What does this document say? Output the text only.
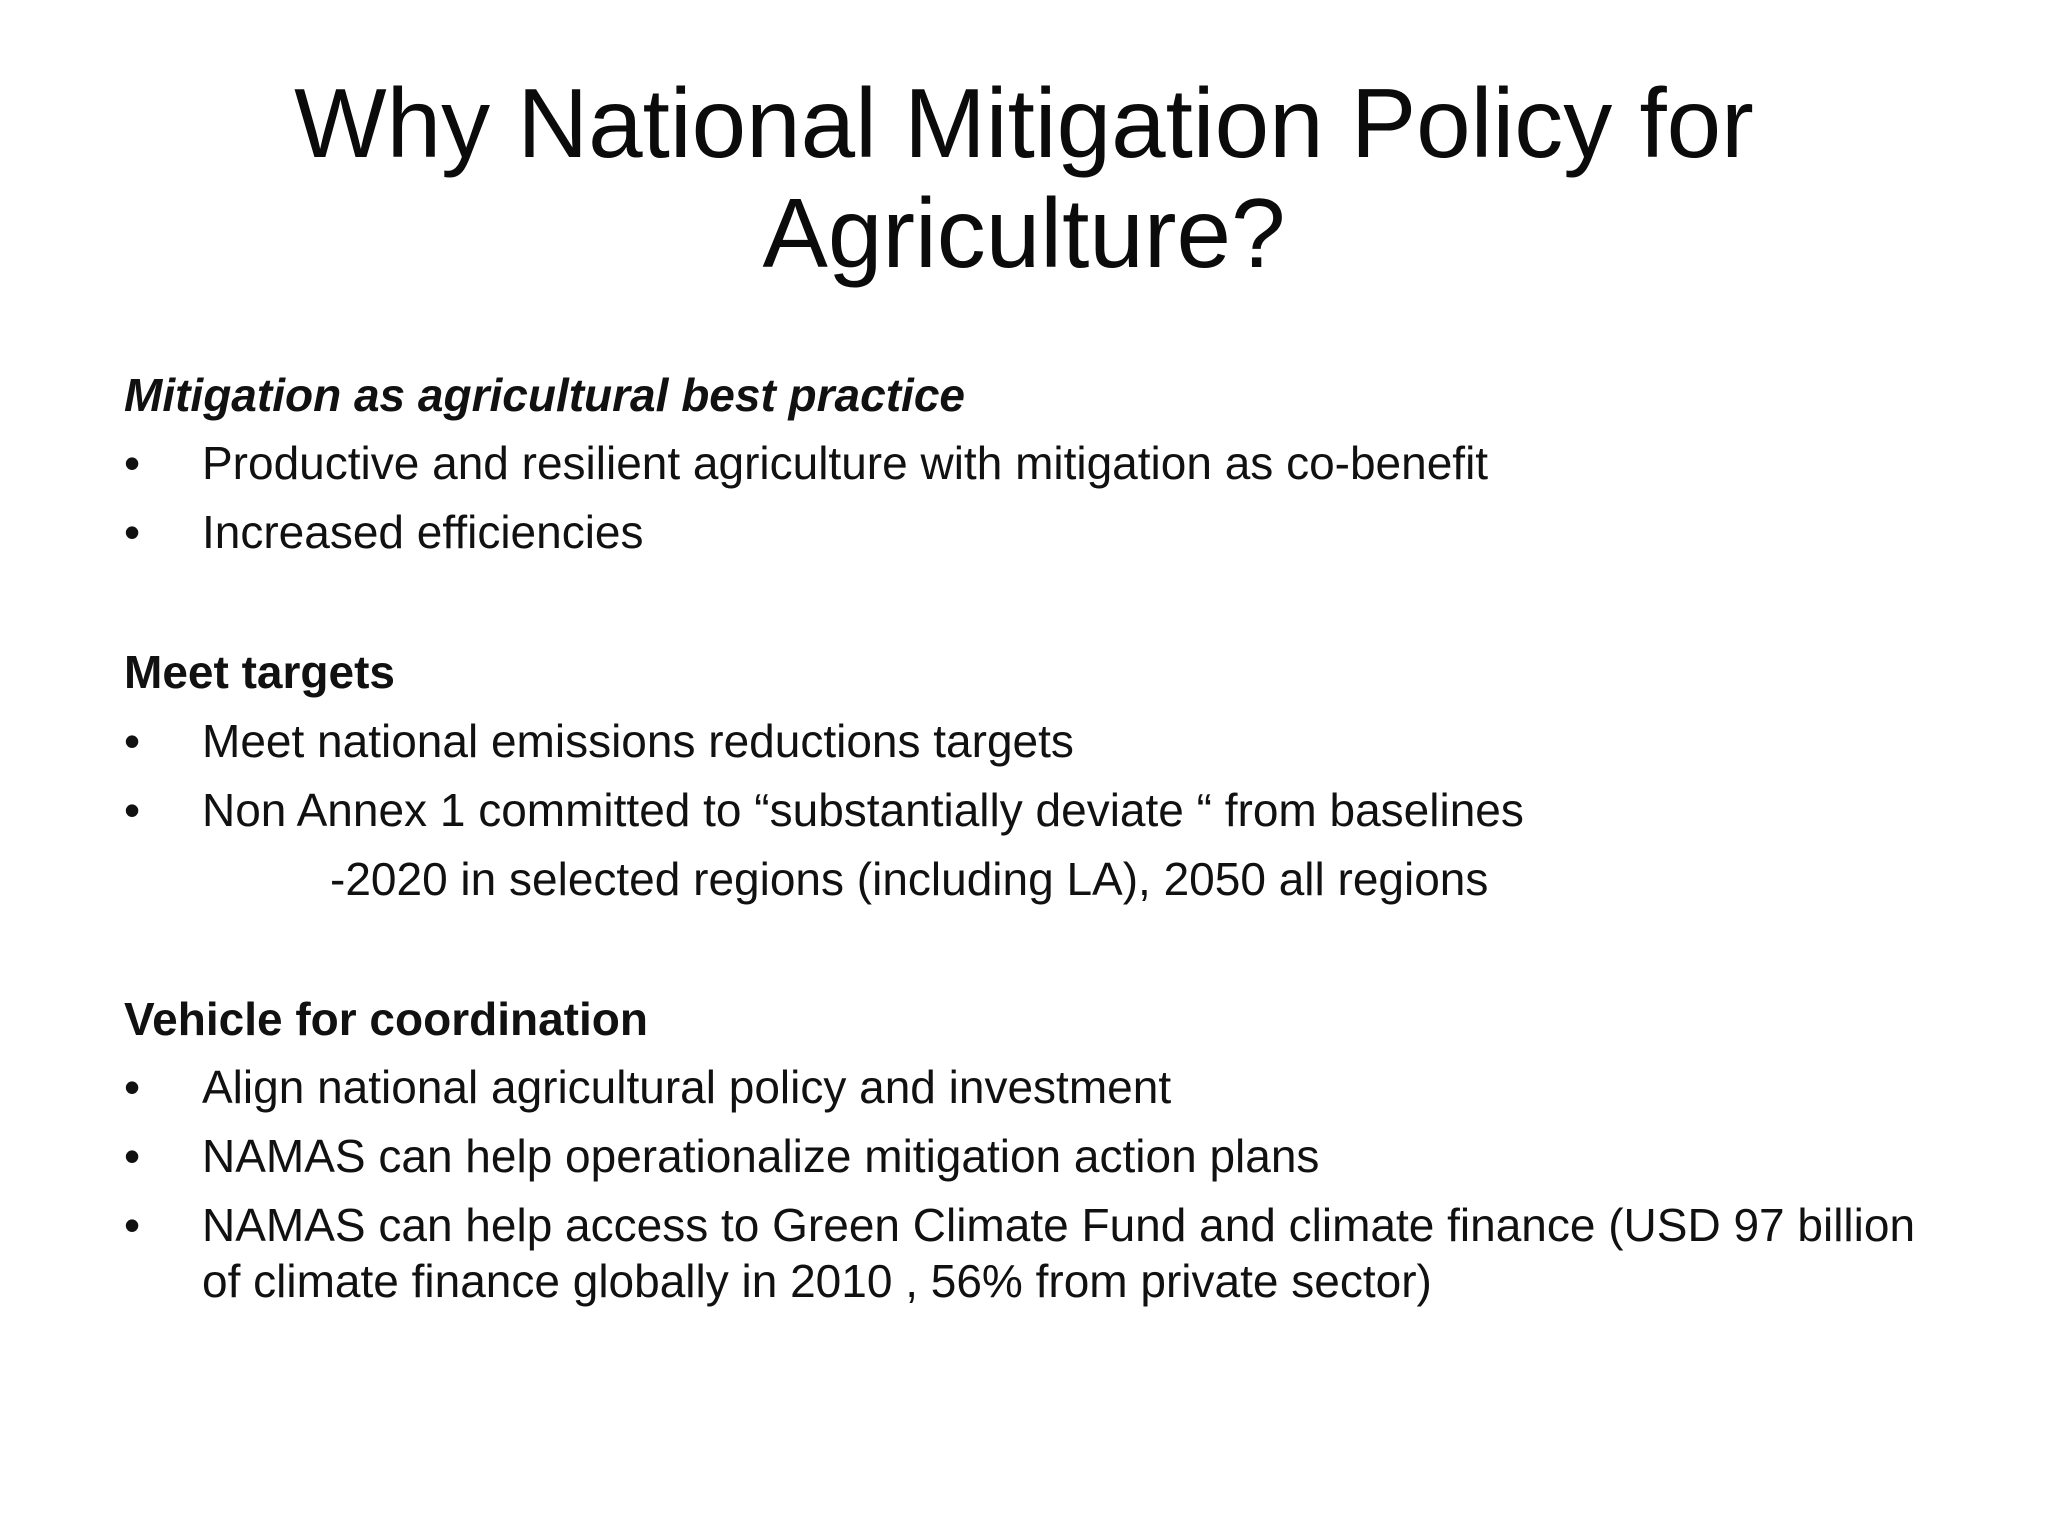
Why National Mitigation Policy for
Agriculture?
Mitigation as agricultural best practice
•	Productive and resilient agriculture with mitigation as co-benefit
•	Increased efficiencies
Meet targets
•	Meet national emissions reductions targets
•	Non Annex 1 committed to “substantially deviate “ from baselines
-2020 in selected regions (including LA), 2050 all regions
Vehicle for coordination
•	Align national agricultural policy and investment
•	NAMAS can help operationalize mitigation action plans
•	NAMAS can help access to Green Climate Fund and climate finance (USD 97 billion of climate finance globally in 2010 , 56% from private sector)
